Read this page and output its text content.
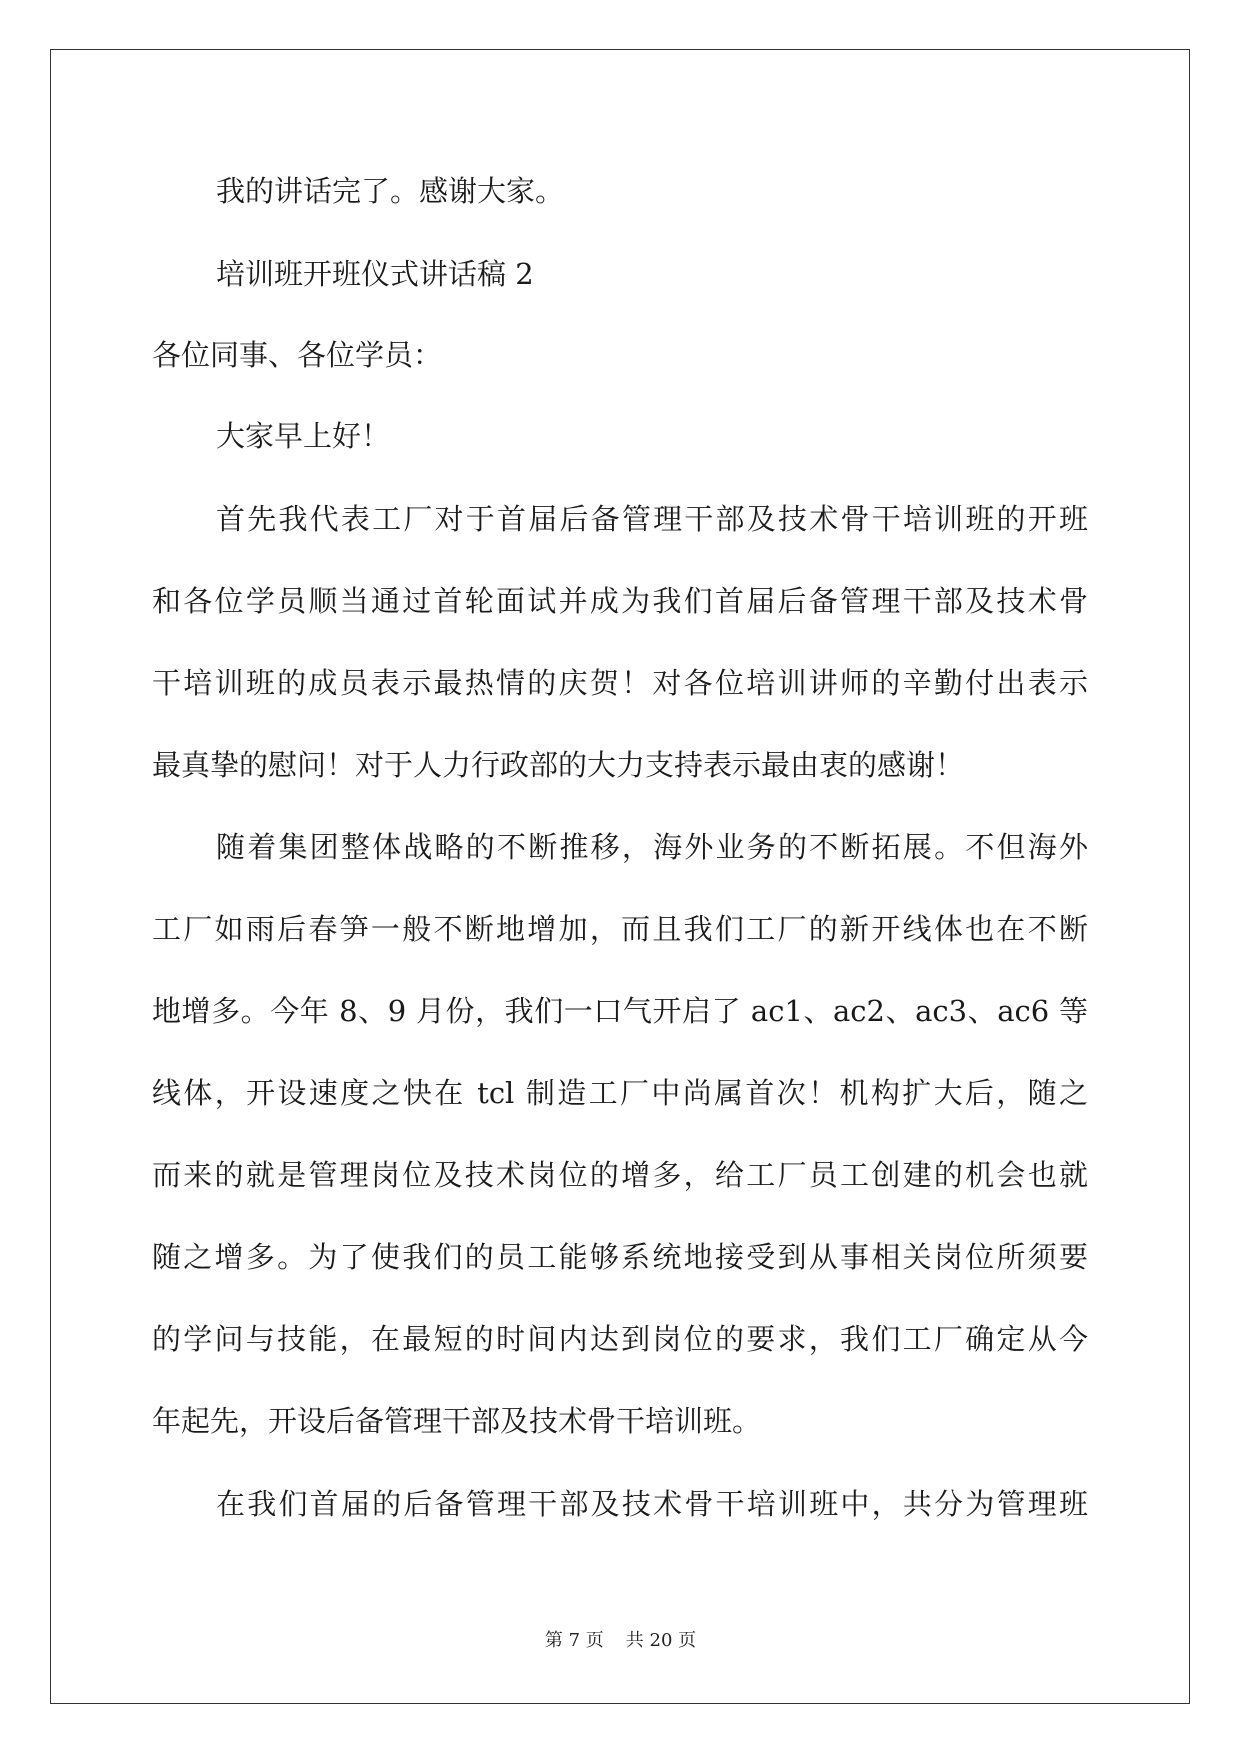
我的讲话完了。感谢大家。
培训班开班仪式讲话稿 2
各位同事、各位学员：
大家早上好！
首先我代表工厂对于首届后备管理干部及技术骨干培训班的开班
和各位学员顺当通过首轮面试并成为我们首届后备管理干部及技术骨
干培训班的成员表示最热情的庆贺！对各位培训讲师的辛勤付出表示
最真挚的慰问！对于人力行政部的大力支持表示最由衷的感谢！
随着集团整体战略的不断推移，海外业务的不断拓展。不但海外
工厂如雨后春笋一般不断地增加，而且我们工厂的新开线体也在不断
地增多。今年 8、9 月份，我们一口气开启了 ac1、ac2、ac3、ac6 等
线体，开设速度之快在 tcl 制造工厂中尚属首次！机构扩大后，随之
而来的就是管理岗位及技术岗位的增多，给工厂员工创建的机会也就
随之增多。为了使我们的员工能够系统地接受到从事相关岗位所须要
的学问与技能，在最短的时间内达到岗位的要求，我们工厂确定从今
年起先，开设后备管理干部及技术骨干培训班。
在我们首届的后备管理干部及技术骨干培训班中，共分为管理班
第 7 页 共 20 页
